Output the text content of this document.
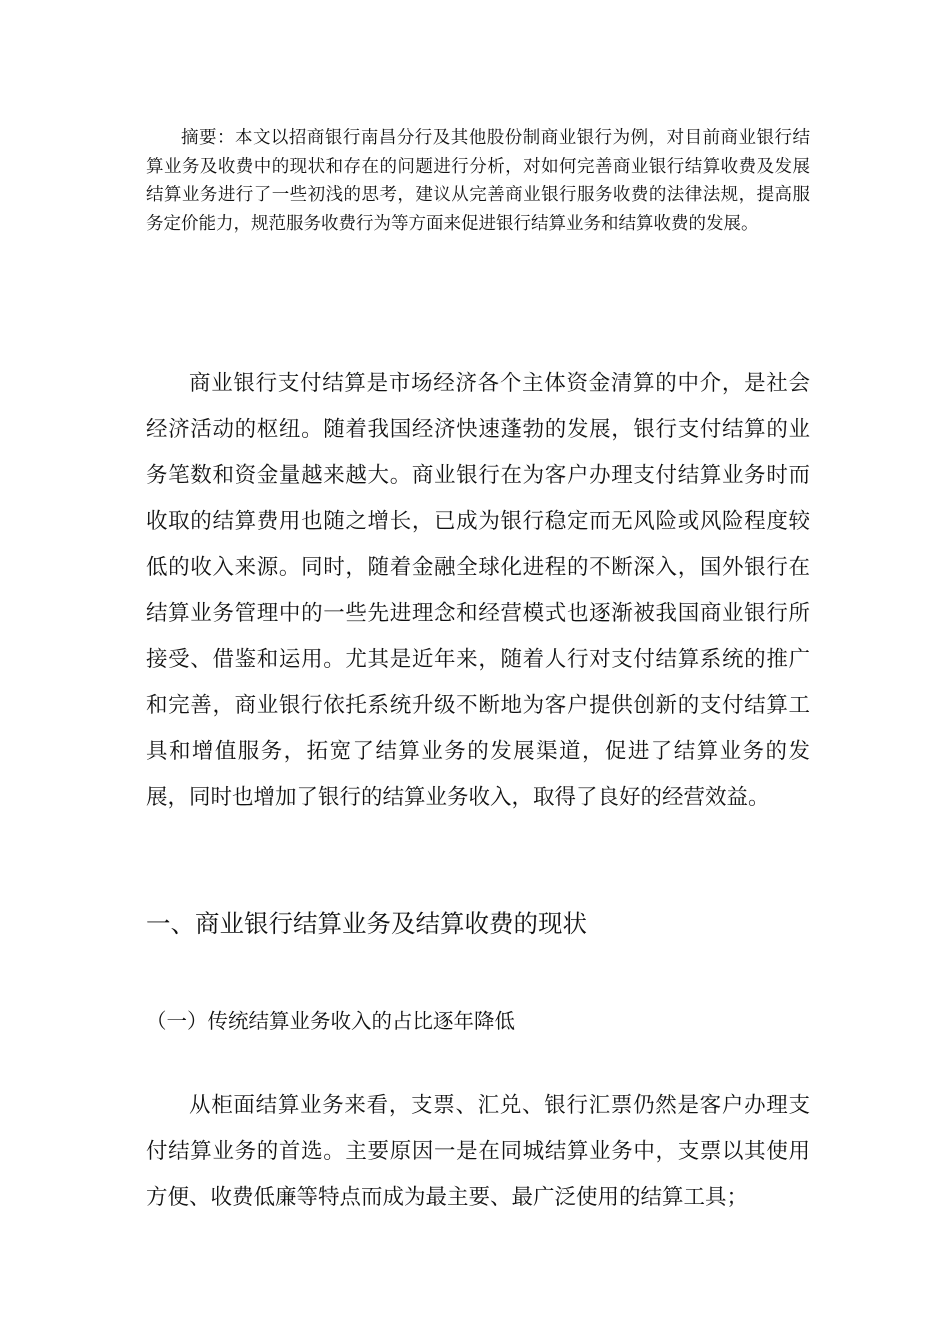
摘要：本文以招商银行南昌分行及其他股份制商业银行为例，对目前商业银行结算业务及收费中的现状和存在的问题进行分析，对如何完善商业银行结算收费及发展结算业务进行了一些初浅的思考，建议从完善商业银行服务收费的法律法规，提高服务定价能力，规范服务收费行为等方面来促进银行结算业务和结算收费的发展。

商业银行支付结算是市场经济各个主体资金清算的中介，是社会经济活动的枢纽。随着我国经济快速蓬勃的发展，银行支付结算的业务笔数和资金量越来越大。商业银行在为客户办理支付结算业务时而收取的结算费用也随之增长，已成为银行稳定而无风险或风险程度较低的收入来源。同时，随着金融全球化进程的不断深入，国外银行在结算业务管理中的一些先进理念和经营模式也逐渐被我国商业银行所接受、借鉴和运用。尤其是近年来，随着人行对支付结算系统的推广和完善，商业银行依托系统升级不断地为客户提供创新的支付结算工具和增值服务，拓宽了结算业务的发展渠道，促进了结算业务的发展，同时也增加了银行的结算业务收入，取得了良好的经营效益。

一、商业银行结算业务及结算收费的现状
（一）传统结算业务收入的占比逐年降低

从柜面结算业务来看，支票、汇兑、银行汇票仍然是客户办理支付结算业务的首选。主要原因一是在同城结算业务中，支票以其使用方便、收费低廉等特点而成为最主要、最广泛使用的结算工具；
